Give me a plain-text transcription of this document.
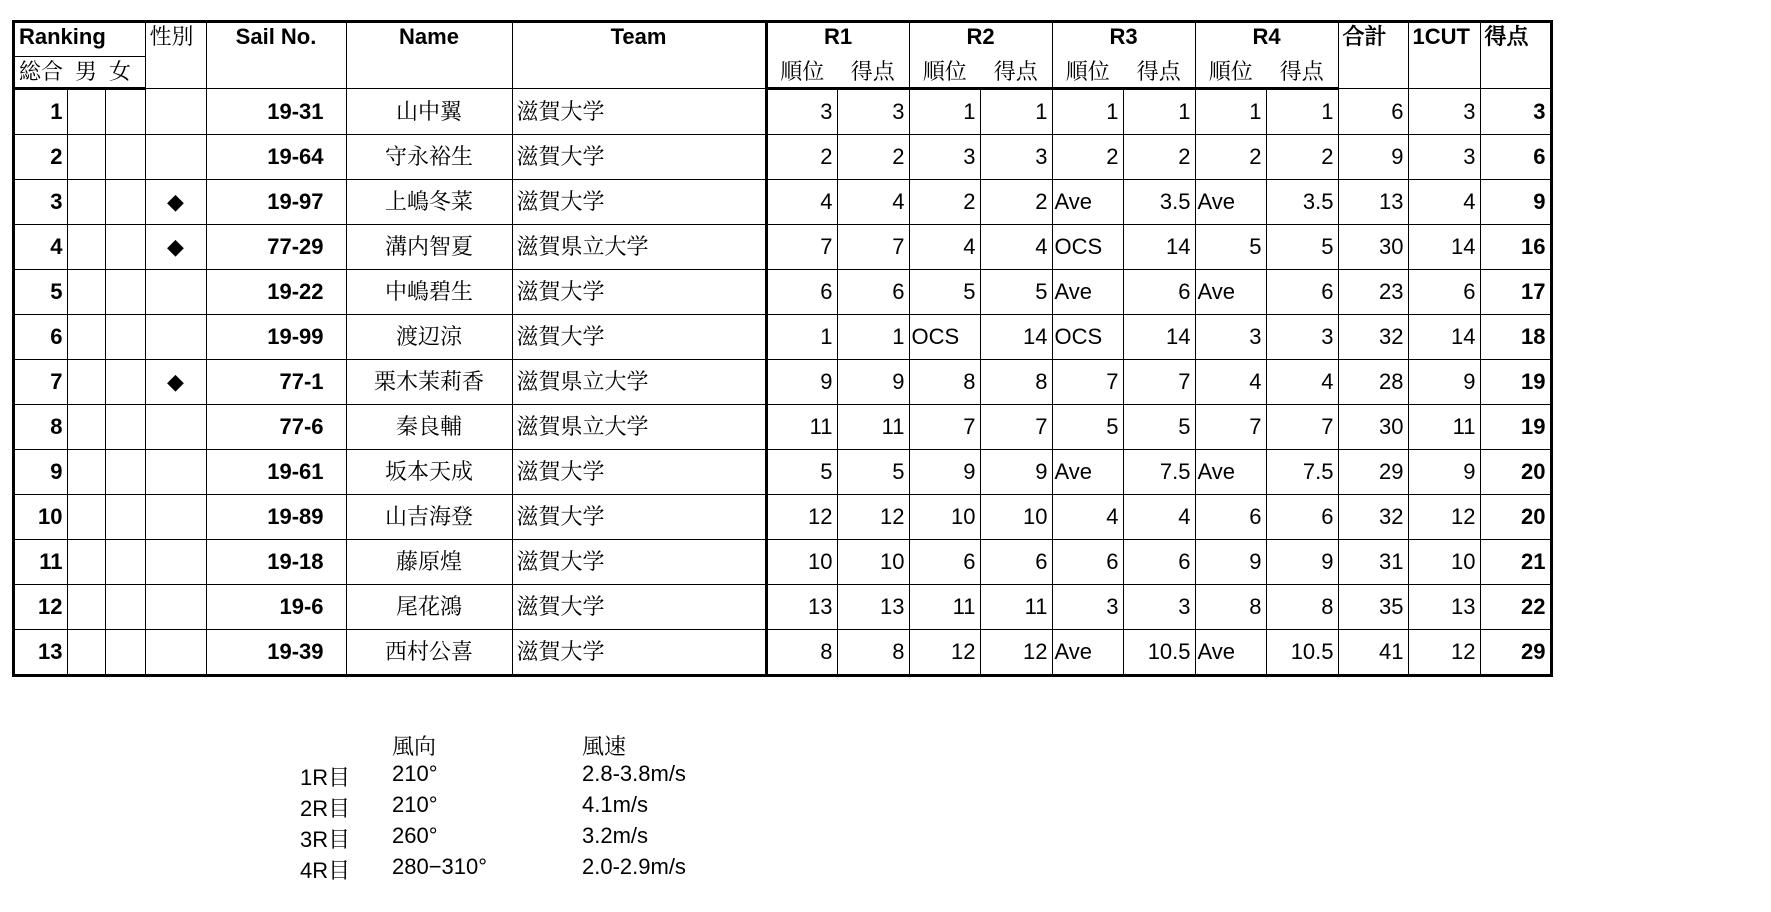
Ranking			性別	Sail No.	Name	Team	R1		R2		R3		R4		合計	1CUT	得点
総合	男	女					順位	得点	順位	得点	順位	得点	順位	得点			
1				19-31	山中翼	滋賀大学	3	3	1	1	1	1	1	1	6	3	3
2				19-64	守永裕生	滋賀大学	2	2	3	3	2	2	2	2	9	3	6
3			◆	19-97	上嶋冬菜	滋賀大学	4	4	2	2	Ave	3.5	Ave	3.5	13	4	9
4			◆	77-29	溝内智夏	滋賀県立大学	7	7	4	4	OCS	14	5	5	30	14	16
5				19-22	中嶋碧生	滋賀大学	6	6	5	5	Ave	6	Ave	6	23	6	17
6				19-99	渡辺涼	滋賀大学	1	1	OCS	14	OCS	14	3	3	32	14	18
7			◆	77-1	栗木茉莉香	滋賀県立大学	9	9	8	8	7	7	4	4	28	9	19
8				77-6	秦良輔	滋賀県立大学	11	11	7	7	5	5	7	7	30	11	19
9				19-61	坂本天成	滋賀大学	5	5	9	9	Ave	7.5	Ave	7.5	29	9	20
10				19-89	山吉海登	滋賀大学	12	12	10	10	4	4	6	6	32	12	20
11				19-18	藤原煌	滋賀大学	10	10	6	6	6	6	9	9	31	10	21
12				19-6	尾花鴻	滋賀大学	13	13	11	11	3	3	8	8	35	13	22
13				19-39	西村公喜	滋賀大学	8	8	12	12	Ave	10.5	Ave	10.5	41	12	29
風向	風速
1R目 210°	2.8-3.8m/s
2R目 210°	4.1m/s
3R目 260°	3.2m/s
4R目 280−310°	2.0-2.9m/s
